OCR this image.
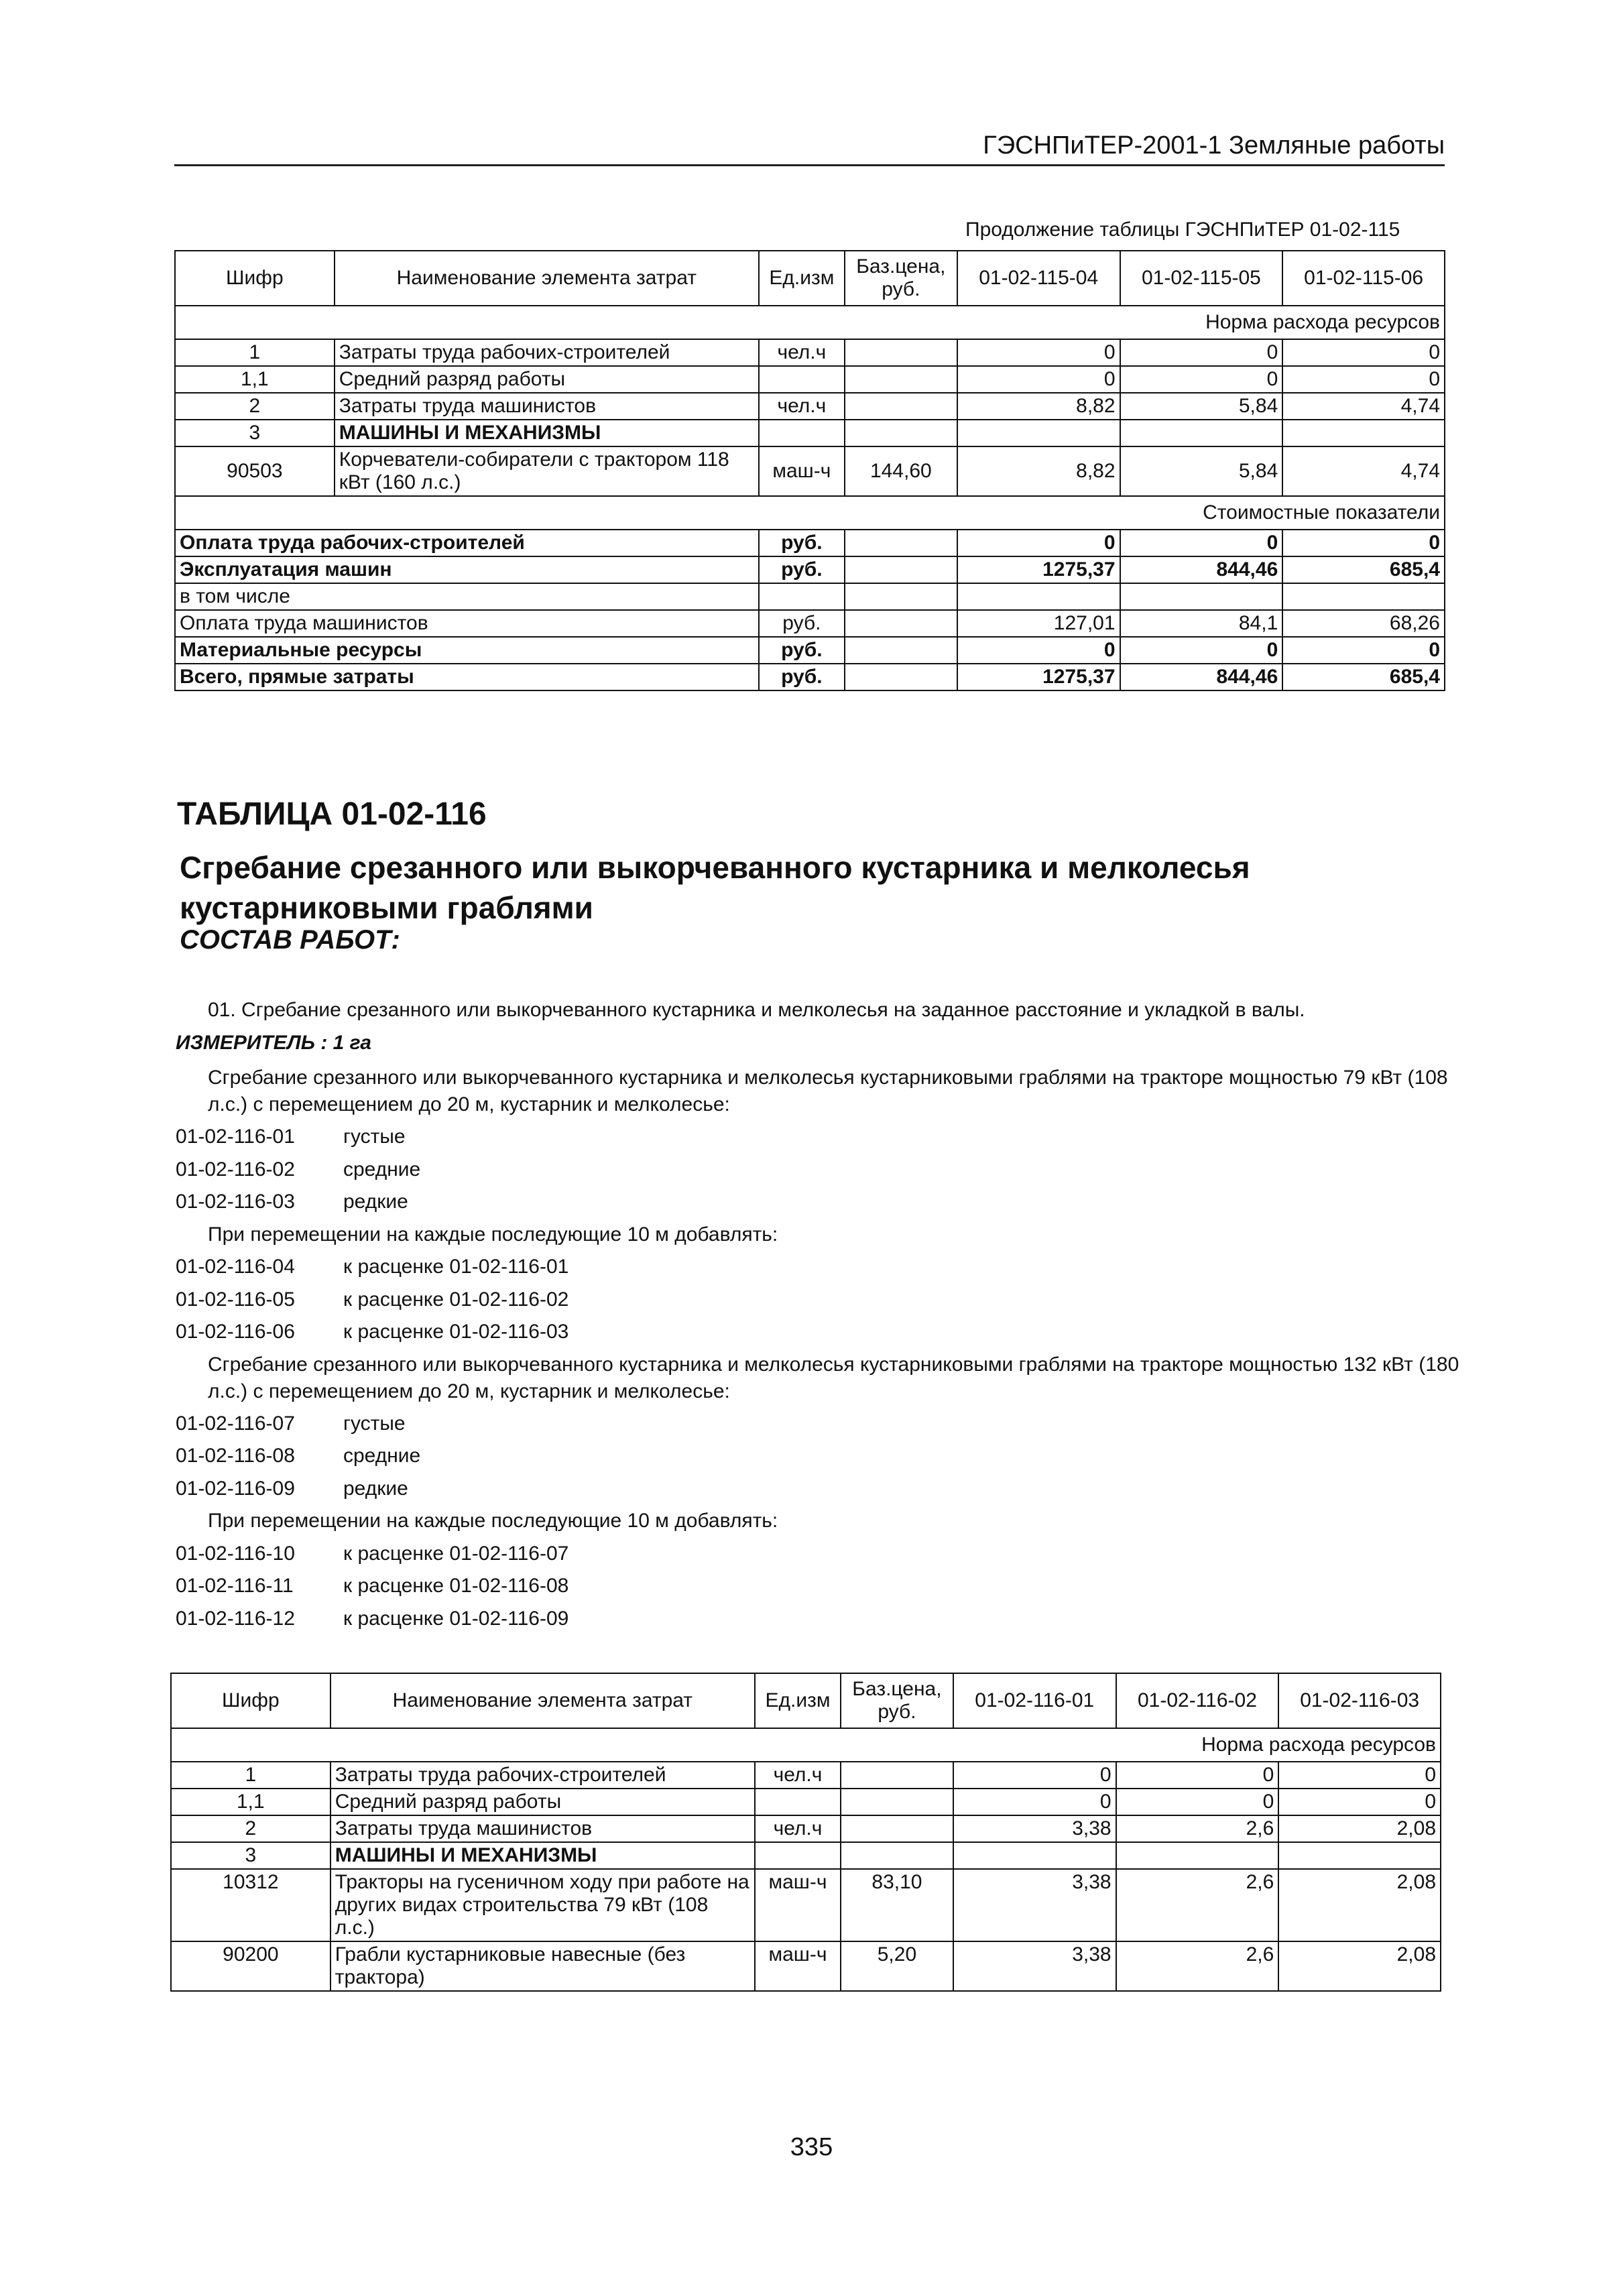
ГЭСНПиТЕР-2001-1 Земляные работы
Продолжение таблицы ГЭСНПиТЕР 01-02-115
Шифр	Наименование элемента затрат	Ед.изм	Баз.цена, руб.	01-02-115-04	01-02-115-05	01-02-115-06
Норма расхода ресурсов						
1	Затраты труда рабочих-строителей	чел.ч		0	0	0
1,1	Средний разряд работы			0	0	0
2	Затраты труда машинистов	чел.ч		8,82	5,84	4,74
3	МАШИНЫ И МЕХАНИЗМЫ					
90503	Корчеватели-собиратели с трактором 118 кВт (160 л.с.)	маш-ч	144,60	8,82	5,84	4,74
Стоимостные показатели						
Оплата труда рабочих-строителей		руб.		0	0	0
Эксплуатация машин		руб.		1275,37	844,46	685,4
в том числе						
Оплата труда машинистов		руб.		127,01	84,1	68,26
Материальные ресурсы		руб.		0	0	0
Всего, прямые затраты		руб.		1275,37	844,46	685,4
ТАБЛИЦА 01-02-116
Сгребание срезанного или выкорчеванного кустарника и мелколесья кустарниковыми граблями
СОСТАВ РАБОТ:
01. Сгребание срезанного или выкорчеванного кустарника и мелколесья на заданное расстояние и укладкой в валы.
ИЗМЕРИТЕЛЬ : 1 га
Сгребание срезанного или выкорчеванного кустарника и мелколесья кустарниковыми граблями на тракторе мощностью 79 кВт (108 л.с.) с перемещением до 20 м, кустарник и мелколесье:
01-02-116-01 густые
01-02-116-02 средние
01-02-116-03 редкие
При перемещении на каждые последующие 10 м добавлять:
01-02-116-04 к расценке 01-02-116-01
01-02-116-05 к расценке 01-02-116-02
01-02-116-06 к расценке 01-02-116-03
Сгребание срезанного или выкорчеванного кустарника и мелколесья кустарниковыми граблями на тракторе мощностью 132 кВт (180 л.с.) с перемещением до 20 м, кустарник и мелколесье:
01-02-116-07 густые
01-02-116-08 средние
01-02-116-09 редкие
При перемещении на каждые последующие 10 м добавлять:
01-02-116-10 к расценке 01-02-116-07
01-02-116-11 к расценке 01-02-116-08
01-02-116-12 к расценке 01-02-116-09
Шифр	Наименование элемента затрат	Ед.изм	Баз.цена, руб.	01-02-116-01	01-02-116-02	01-02-116-03
Норма расхода ресурсов						
1	Затраты труда рабочих-строителей	чел.ч		0	0	0
1,1	Средний разряд работы			0	0	0
2	Затраты труда машинистов	чел.ч		3,38	2,6	2,08
3	МАШИНЫ И МЕХАНИЗМЫ					
10312	Тракторы на гусеничном ходу при работе на других видах строительства 79 кВт (108 л.с.)	маш-ч	83,10	3,38	2,6	2,08
90200	Грабли кустарниковые навесные (без трактора)	маш-ч	5,20	3,38	2,6	2,08
335
